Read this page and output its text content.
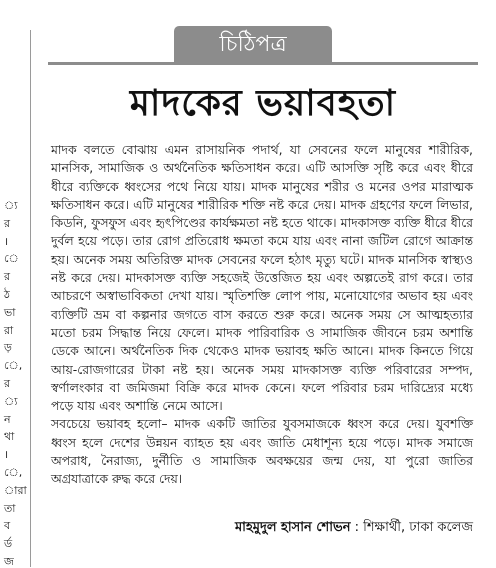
্য
র
।
ে
র
ঠ
ভা
রা
ড়
ে,
র
্য
ন
থা
।
ে,
ারা
তা
ব
র্ড
জ
চিঠিপত্র
মাদকের ভয়াবহতা

মাদক বলতে বোঝায় এমন রাসায়নিক পদার্থ, যা সেবনের ফলে মানুষের শারীরিক, মানসিক, সামাজিক ও অর্থনৈতিক ক্ষতিসাধন করে। এটি আসক্তি সৃষ্টি করে এবং ধীরে ধীরে ব্যক্তিকে ধ্বংসের পথে নিয়ে যায়। মাদক মানুষের শরীর ও মনের ওপর মারাত্মক ক্ষতিসাধন করে। এটি মানুষের শারীরিক শক্তি নষ্ট করে দেয়। মাদক গ্রহণের ফলে লিভার, কিডনি, ফুসফুস এবং হৃৎপিণ্ডের কার্যক্ষমতা নষ্ট হতে থাকে। মাদকাসক্ত ব্যক্তি ধীরে ধীরে দুর্বল হয়ে পড়ে। তার রোগ প্রতিরোধ ক্ষমতা কমে যায় এবং নানা জটিল রোগে আক্রান্ত হয়। অনেক সময় অতিরিক্ত মাদক সেবনের ফলে হঠাৎ মৃত্যু ঘটে। মাদক মানসিক স্বাস্থ্যও নষ্ট করে দেয়। মাদকাসক্ত ব্যক্তি সহজেই উত্তেজিত হয় এবং অল্পতেই রাগ করে। তার আচরণে অস্বাভাবিকতা দেখা যায়। স্মৃতিশক্তি লোপ পায়, মনোযোগের অভাব হয় এবং ব্যক্তিটি ভ্রম বা কল্পনার জগতে বাস করতে শুরু করে। অনেক সময় সে আত্মহত্যার মতো চরম সিদ্ধান্ত নিয়ে ফেলে। মাদক পারিবারিক ও সামাজিক জীবনে চরম অশান্তি ডেকে আনে। অর্থনৈতিক দিক থেকেও মাদক ভয়াবহ ক্ষতি আনে। মাদক কিনতে গিয়ে আয়-রোজগারের টাকা নষ্ট হয়। অনেক সময় মাদকাসক্ত ব্যক্তি পরিবারের সম্পদ, স্বর্ণালংকার বা জমিজমা বিক্রি করে মাদক কেনে। ফলে পরিবার চরম দারিদ্র্যের মধ্যে পড়ে যায় এবং অশান্তি নেমে আসে।

সবচেয়ে ভয়াবহ হলো– মাদক একটি জাতির যুবসমাজকে ধ্বংস করে দেয়। যুবশক্তি ধ্বংস হলে দেশের উন্নয়ন ব্যাহত হয় এবং জাতি মেধাশূন্য হয়ে পড়ে। মাদক সমাজে অপরাধ, নৈরাজ্য, দুর্নীতি ও সামাজিক অবক্ষয়ের জন্ম দেয়, যা পুরো জাতির অগ্রযাত্রাকে রুদ্ধ করে দেয়।

মাহমুদুল হাসান শোভন : শিক্ষার্থী, ঢাকা কলেজ
